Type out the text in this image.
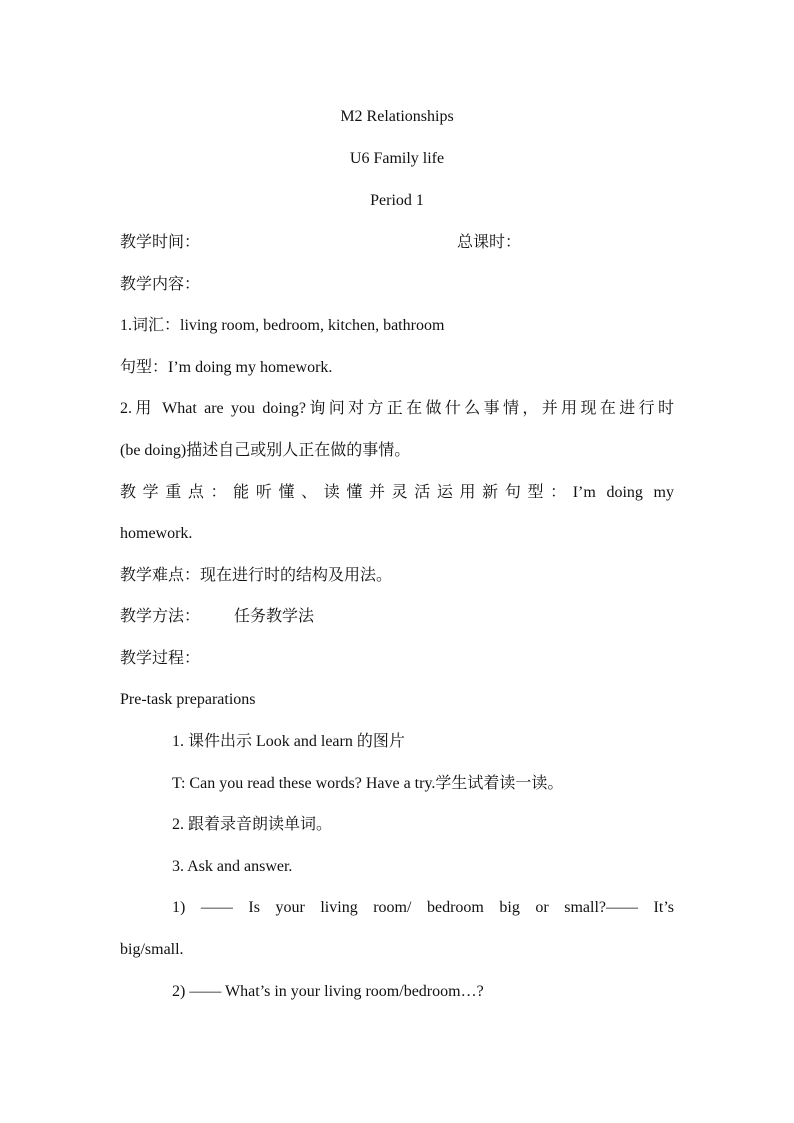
M2 Relationships
U6 Family life
Period 1
教学时间：	总课时：
教学内容：
1.词汇：living room, bedroom, kitchen, bathroom
句型：I’m doing my homework.
2.用 What are you doing?询问对方正在做什么事情，并用现在进行时
(be doing)描述自己或别人正在做的事情。
教学重点：能听懂、读懂并灵活运用新句型：I’m doing my
homework.
教学难点：现在进行时的结构及用法。
教学方法： 任务教学法
教学过程：
Pre-task preparations
1. 课件出示 Look and learn 的图片
T: Can you read these words? Have a try.学生试着读一读。
2. 跟着录音朗读单词。
3. Ask and answer.
1) —— Is your living room/ bedroom big or small?—— It’s
big/small.
2) —— What’s in your living room/bedroom…?
